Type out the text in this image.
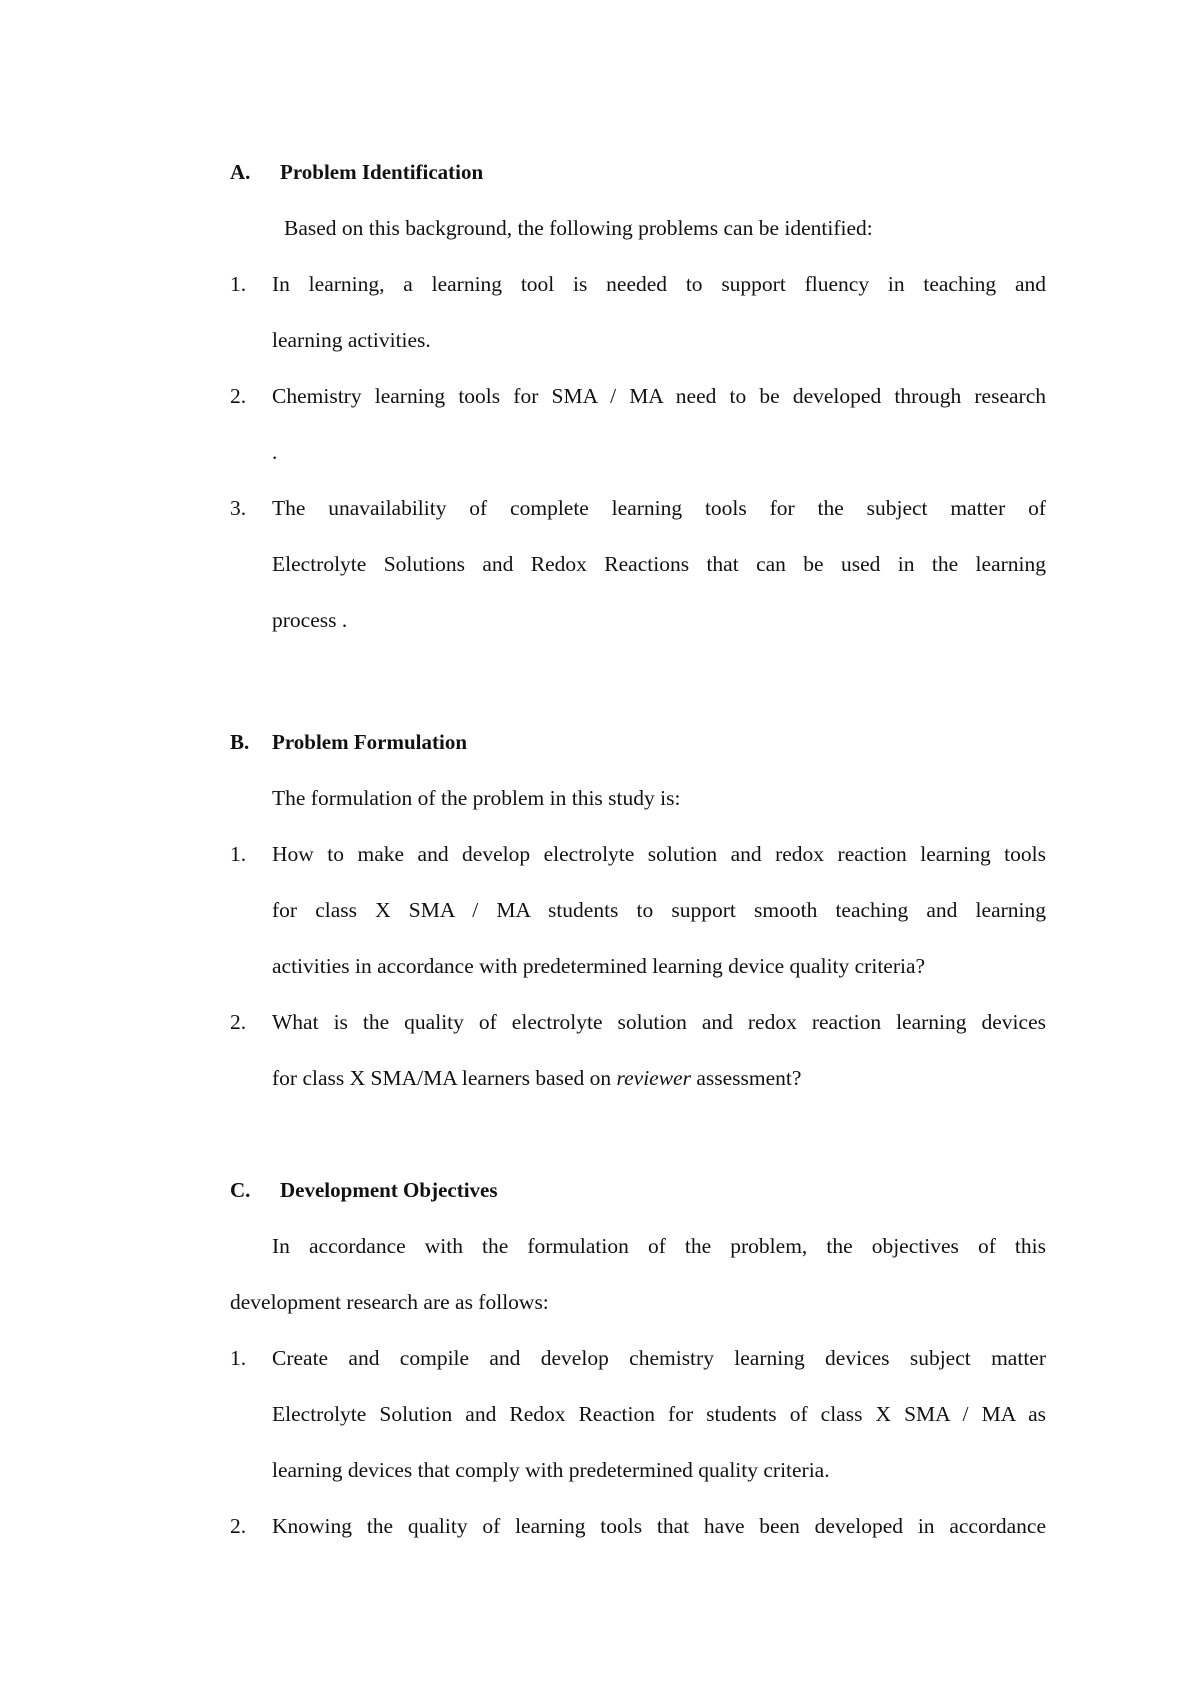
A. Problem Identification
Based on this background, the following problems can be identified:
1. In learning, a learning tool is needed to support fluency in teaching and
learning activities.
2. Chemistry learning tools for SMA / MA need to be developed through research
.
3. The unavailability of complete learning tools for the subject matter of
Electrolyte Solutions and Redox Reactions that can be used in the learning
process .
B. Problem Formulation
The formulation of the problem in this study is:
1. How to make and develop electrolyte solution and redox reaction learning tools
for class X SMA / MA students to support smooth teaching and learning
activities in accordance with predetermined learning device quality criteria?
2. What is the quality of electrolyte solution and redox reaction learning devices
for class X SMA/MA learners based on reviewer assessment?
C. Development Objectives
In accordance with the formulation of the problem, the objectives of this
development research are as follows:
1. Create and compile and develop chemistry learning devices subject matter
Electrolyte Solution and Redox Reaction for students of class X SMA / MA as
learning devices that comply with predetermined quality criteria.
2. Knowing the quality of learning tools that have been developed in accordance
